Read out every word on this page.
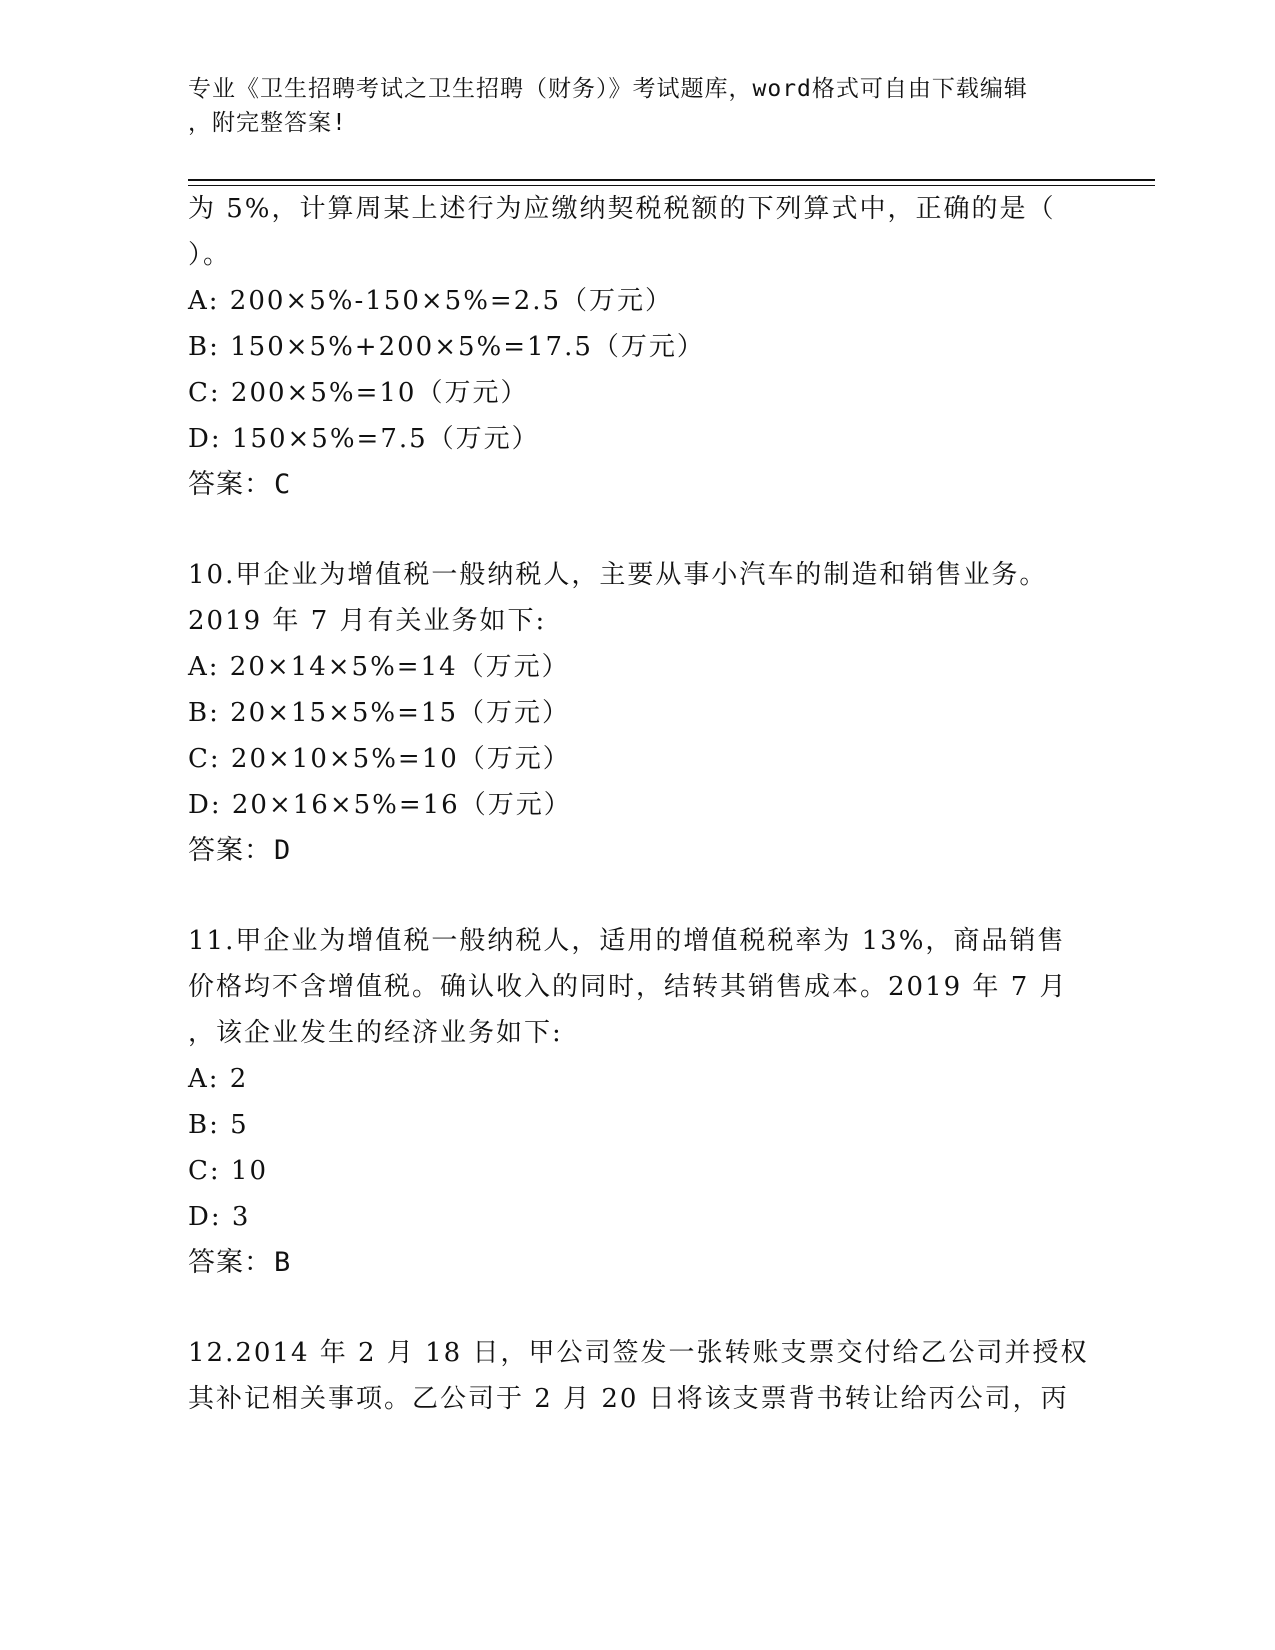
专业《卫生招聘考试之卫生招聘（财务）》考试题库，word格式可自由下载编辑
，附完整答案!
为 5%，计算周某上述行为应缴纳契税税额的下列算式中，正确的是（
）。
A: 200×5%-150×5%=2.5（万元）
B: 150×5%+200×5%=17.5（万元）
C: 200×5%=10（万元）
D: 150×5%=7.5（万元）
答案：C
10.甲企业为增值税一般纳税人，主要从事小汽车的制造和销售业务。
2019 年 7 月有关业务如下:
A: 20×14×5%=14（万元）
B: 20×15×5%=15（万元）
C: 20×10×5%=10（万元）
D: 20×16×5%=16（万元）
答案：D
11.甲企业为增值税一般纳税人，适用的增值税税率为 13%，商品销售
价格均不含增值税。确认收入的同时，结转其销售成本。2019 年 7 月
，该企业发生的经济业务如下:
A: 2
B: 5
C: 10
D: 3
答案：B
12.2014 年 2 月 18 日，甲公司签发一张转账支票交付给乙公司并授权
其补记相关事项。乙公司于 2 月 20 日将该支票背书转让给丙公司，丙
